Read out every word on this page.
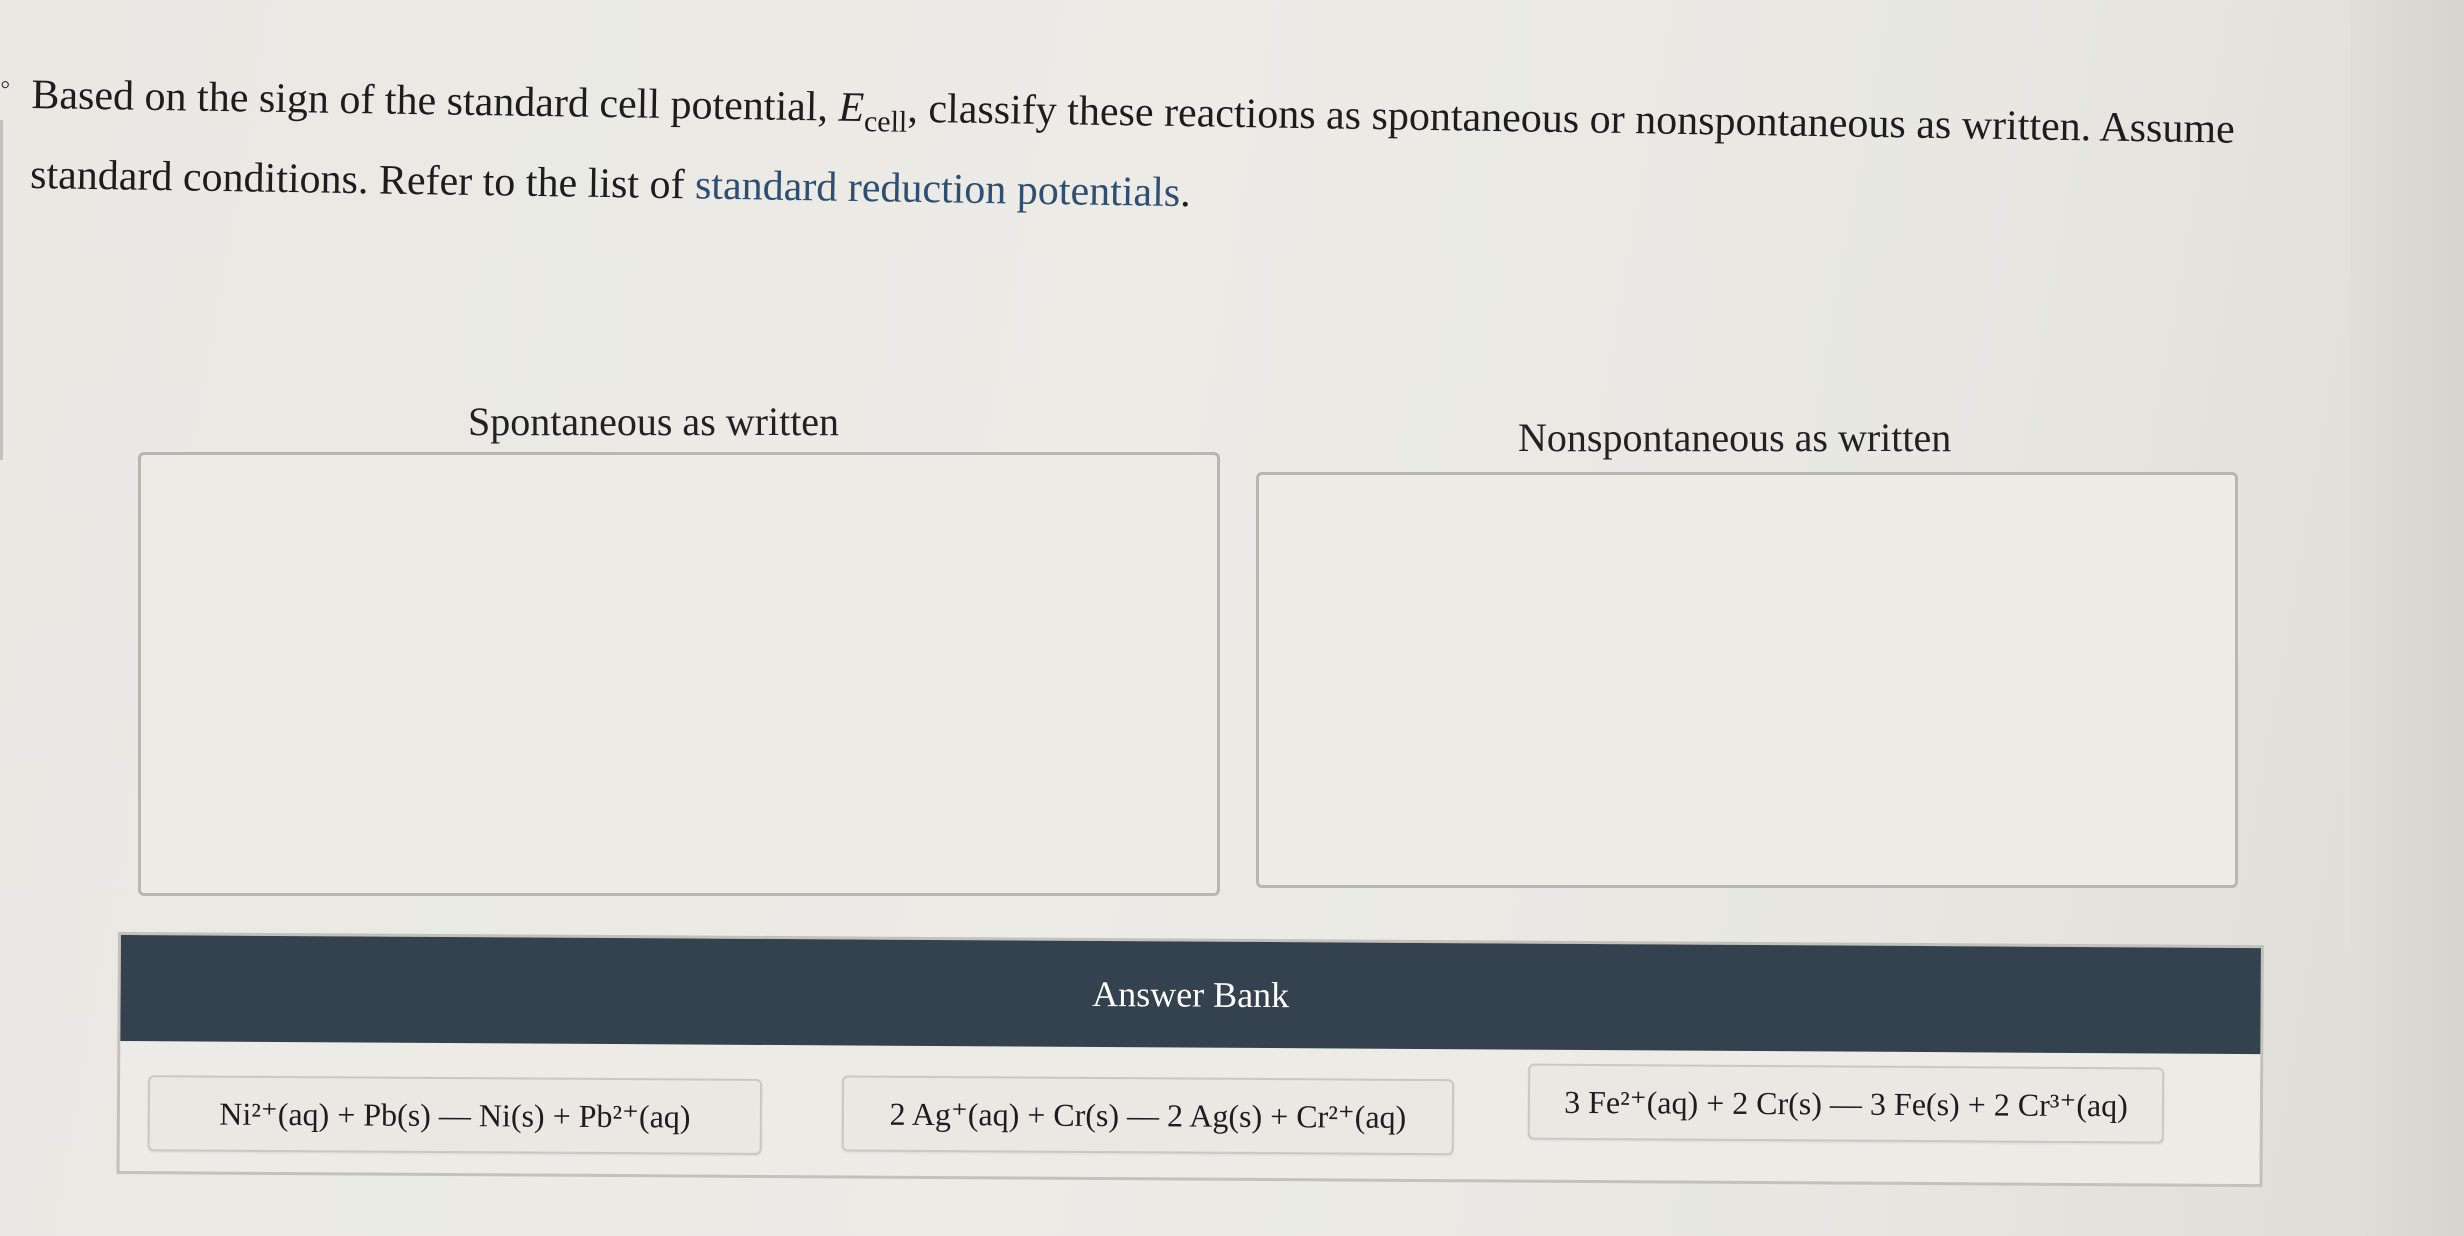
◦ Based on the sign of the standard cell potential, $E_{cell}$, classify these reactions as spontaneous or nonspontaneous as written. Assume standard conditions. Refer to the list of standard reduction potentials.
Spontaneous as written	Nonspontaneous as written
Answer Bank
Ni²⁺(aq) + Pb(s) — Ni(s) + Pb²⁺(aq)	2 Ag⁺(aq) + Cr(s) — 2 Ag(s) + Cr²⁺(aq)	3 Fe²⁺(aq) + 2 Cr(s) — 3 Fe(s) + 2 Cr³⁺(aq)
